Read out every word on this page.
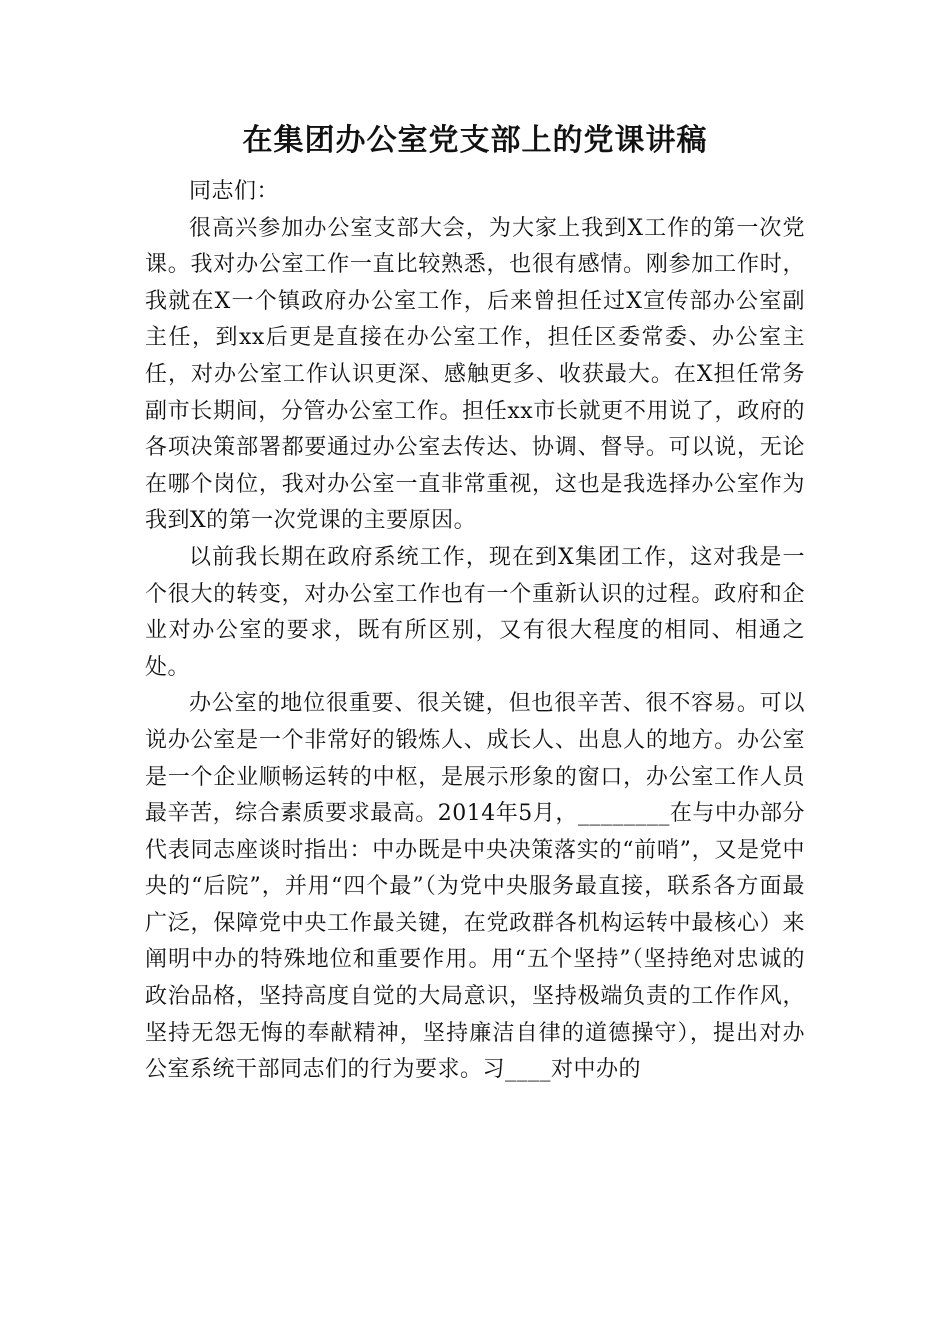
在集团办公室党支部上的党课讲稿

同志们：

很高兴参加办公室支部大会，为大家上我到X工作的第一次党课。我对办公室工作一直比较熟悉，也很有感情。刚参加工作时，我就在X一个镇政府办公室工作，后来曾担任过X宣传部办公室副主任，到xx后更是直接在办公室工作，担任区委常委、办公室主任，对办公室工作认识更深、感触更多、收获最大。在X担任常务副市长期间，分管办公室工作。担任xx市长就更不用说了，政府的各项决策部署都要通过办公室去传达、协调、督导。可以说，无论在哪个岗位，我对办公室一直非常重视，这也是我选择办公室作为我到X的第一次党课的主要原因。

以前我长期在政府系统工作，现在到X集团工作，这对我是一个很大的转变，对办公室工作也有一个重新认识的过程。政府和企业对办公室的要求，既有所区别，又有很大程度的相同、相通之处。

办公室的地位很重要、很关键，但也很辛苦、很不容易。可以说办公室是一个非常好的锻炼人、成长人、出息人的地方。办公室是一个企业顺畅运转的中枢，是展示形象的窗口，办公室工作人员最辛苦，综合素质要求最高。2014年5月，________在与中办部分代表同志座谈时指出：中办既是中央决策落实的“前哨”，又是党中央的“后院”，并用“四个最”（为党中央服务最直接，联系各方面最广泛，保障党中央工作最关键，在党政群各机构运转中最核心）来阐明中办的特殊地位和重要作用。用“五个坚持”（坚持绝对忠诚的政治品格，坚持高度自觉的大局意识，坚持极端负责的工作作风，坚持无怨无悔的奉献精神，坚持廉洁自律的道德操守），提出对办公室系统干部同志们的行为要求。习____对中办的
